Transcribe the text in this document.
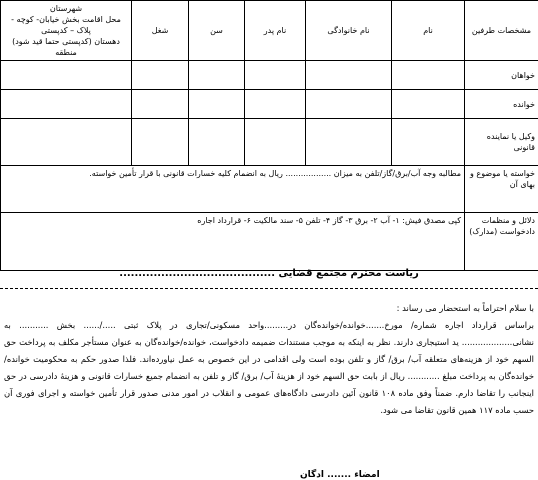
مشخصات طرفین	نام	نام خانوادگی	نام پدر	سن	شغل	شهرستان
محل اقامت بخش خیابان- کوچه - پلاک – کدپستی
دهستان (کدپستی حتما قید شود)
منطقه

خواهان						
خوانده						
وکیل یا نماینده قانونی						
خواسته یا موضوع و بهای آن	مطالبه وجه آب/برق/گاز/تلفن به میزان .................. ریال به انضمام کلیه خسارات قانونی با قرار تأمین خواسته.					
دلائل و منظمات دادخواست (مدارک)	کپی مصدق فیش: ۱- آب ۲- برق ۳- گاز ۴- تلفن ۵- سند مالکیت ۶- قرارداد اجاره					
ریاست محترم مجتمع قضایی .........................................

با سلام احتراماً به استحضار می رساند :

براساس قرارداد اجاره شماره/ مورخ.......خوانده/خوانده‌گان در.........واحد مسکونی/تجاری در پلاک ثبتی ...../...... بخش ........... به نشانی................... ید استیجاری دارند. نظر به اینکه به موجب مستندات ضمیمه دادخواست، خوانده/خوانده‌گان به عنوان مستأجر مکلف به پرداخت حق السهم خود از هزینه‌های متعلقه آب/ برق/ گاز و تلفن بوده است ولی اقدامی در این خصوص به عمل نیاورده‌اند. فلذا صدور حکم به محکومیت خوانده/خوانده‌گان به پرداخت مبلغ ............ ریال از بابت حق السهم خود از هزینهٔ آب/ برق/ گاز و تلفن به انضمام جمیع خسارات قانونی و هزینهٔ دادرسی در حق اینجانب را تقاضا دارم. ضمناً وفق ماده ۱۰۸ قانون آئین دادرسی دادگاه‌های عمومی و انقلاب در امور مدنی صدور قرار تأمین خواسته و اجرای فوری آن حسب ماده ۱۱۷ همین قانون تقاضا می شود.

امضاء ....... ادگان
